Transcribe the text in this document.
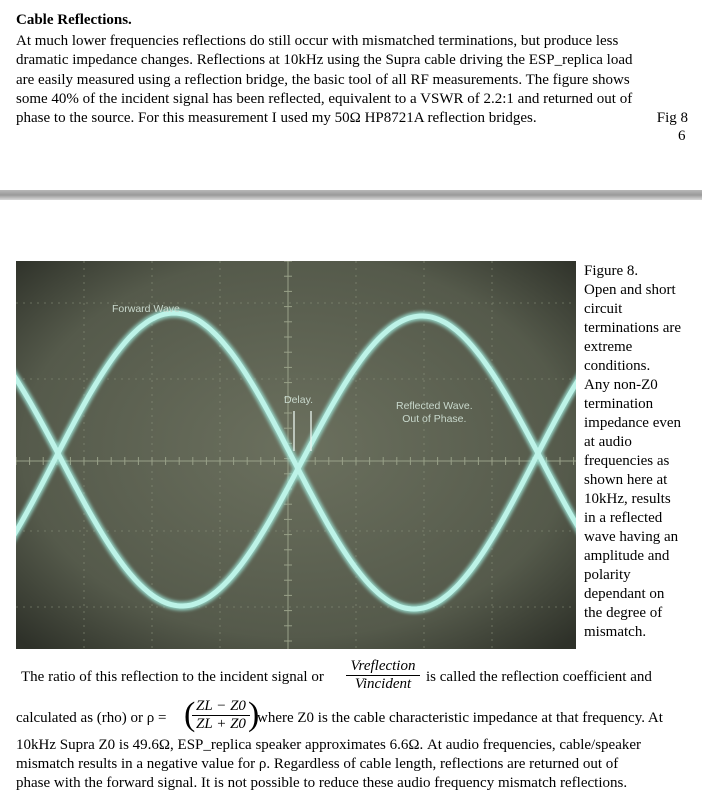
Cable Reflections.
At much lower frequencies reflections do still occur with mismatched terminations, but produce less
dramatic impedance changes. Reflections at 10kHz using the Supra cable driving the ESP_replica load
are easily measured using a reflection bridge, the basic tool of all RF measurements. The figure shows
some 40% of the incident signal has been reflected, equivalent to a VSWR of 2.2:1 and returned out of
phase to the source. For this measurement I used my 50Ω HP8721A reflection bridges.	Fig 8
6
Forward Wave.
Delay.	Reflected Wave.
Out of Phase.
Figure 8.
Open and short
circuit
terminations are
extreme
conditions.
Any non-Z0
termination
impedance even
at audio
frequencies as
shown here at
10kHz, results
in a reflected
wave having an
amplitude and
polarity
dependant on
the degree of
mismatch.
The ratio of this reflection to the incident signal or
Vreflection
Vincident is called the reflection coefficient and
calculated as (rho) or ρ = (
$\frac{ZL - Z0}{ZL + Z0}$
)
where Z0 is the cable characteristic impedance at that frequency. At
10kHz Supra Z0 is 49.6Ω, ESP_replica speaker approximates 6.6Ω. At audio frequencies, cable/speaker
mismatch results in a negative value for ρ. Regardless of cable length, reflections are returned out of
phase with the forward signal. It is not possible to reduce these audio frequency mismatch reflections.
